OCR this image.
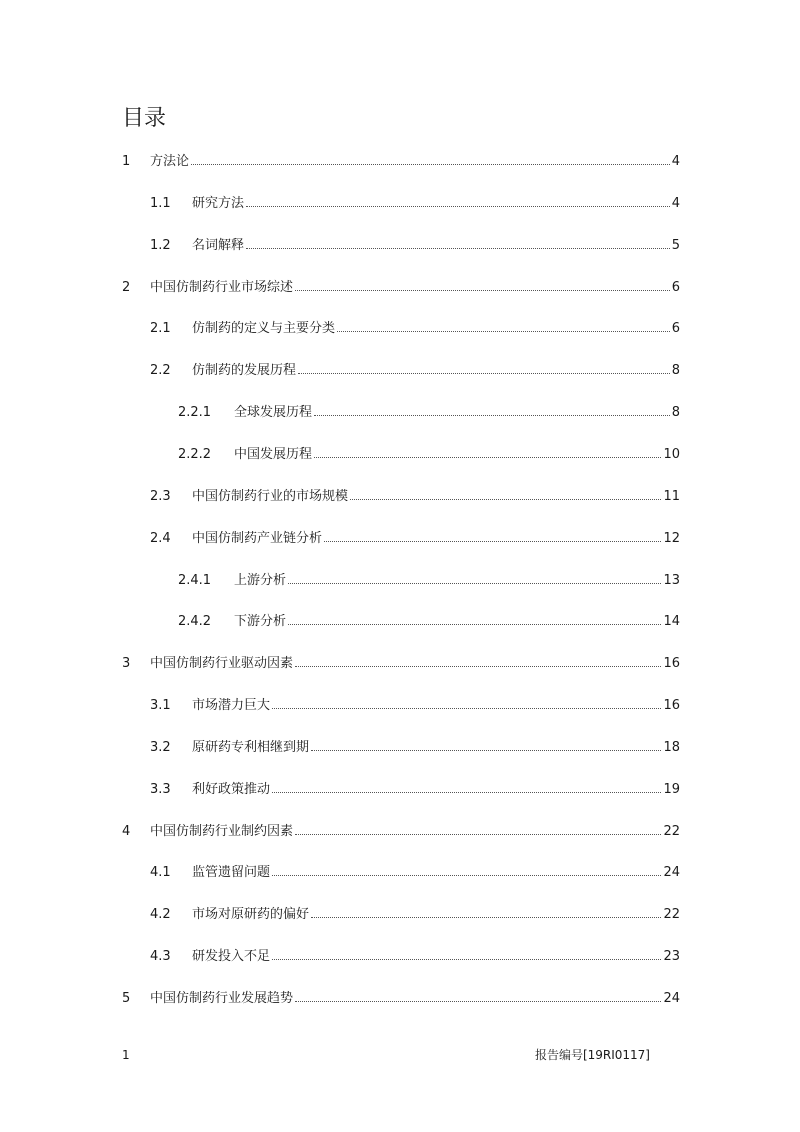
目录
1	方法论	4
1.1	研究方法	4
1.2	名词解释	5
2	中国仿制药行业市场综述	6
2.1	仿制药的定义与主要分类	6
2.2	仿制药的发展历程	8
2.2.1	全球发展历程	8
2.2.2	中国发展历程	10
2.3	中国仿制药行业的市场规模	11
2.4	中国仿制药产业链分析	12
2.4.1	上游分析	13
2.4.2	下游分析	14
3	中国仿制药行业驱动因素	16
3.1	市场潜力巨大	16
3.2	原研药专利相继到期	18
3.3	利好政策推动	19
4	中国仿制药行业制约因素	22
4.1	监管遗留问题	24
4.2	市场对原研药的偏好	22
4.3	研发投入不足	23
5	中国仿制药行业发展趋势	24
1	报告编号[19RI0117]
